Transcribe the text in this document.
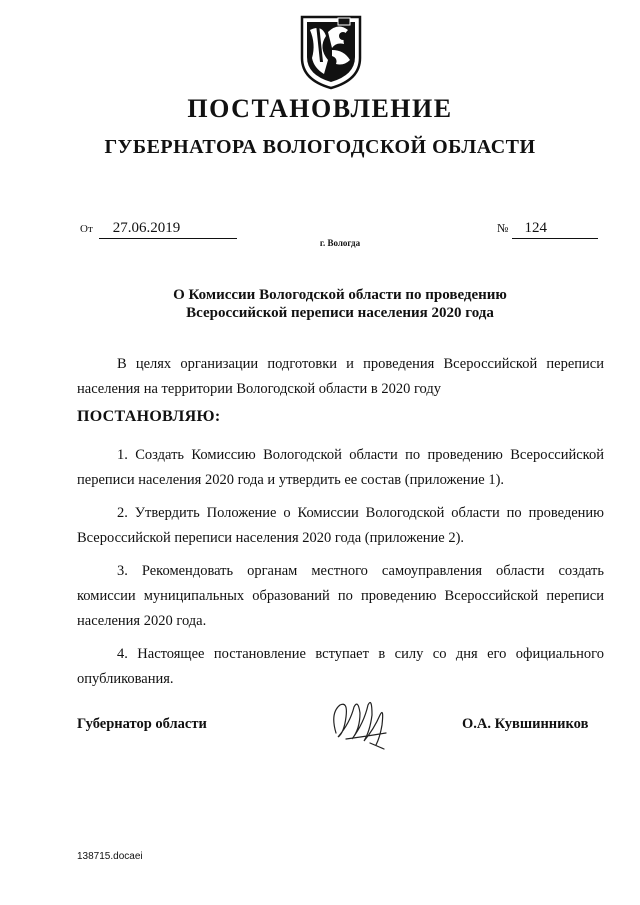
ПОСТАНОВЛЕНИЕ
ГУБЕРНАТОРА ВОЛОГОДСКОЙ ОБЛАСТИ
От 27.06.2019	№ 124
г. Вологда
О Комиссии Вологодской области по проведению
Всероссийской переписи населения 2020 года

В целях организации подготовки и проведения Всероссийской переписи населения на территории Вологодской области в 2020 году

ПОСТАНОВЛЯЮ:

1. Создать Комиссию Вологодской области по проведению Всероссийской переписи населения 2020 года и утвердить ее состав (приложение 1).

2. Утвердить Положение о Комиссии Вологодской области по проведению Всероссийской переписи населения 2020 года (приложение 2).

3. Рекомендовать органам местного самоуправления области создать комиссии муниципальных образований по проведению Всероссийской переписи населения 2020 года.

4. Настоящее постановление вступает в силу со дня его официального опубликования.

Губернатор области	О.А. Кувшинников
138715.docaei
